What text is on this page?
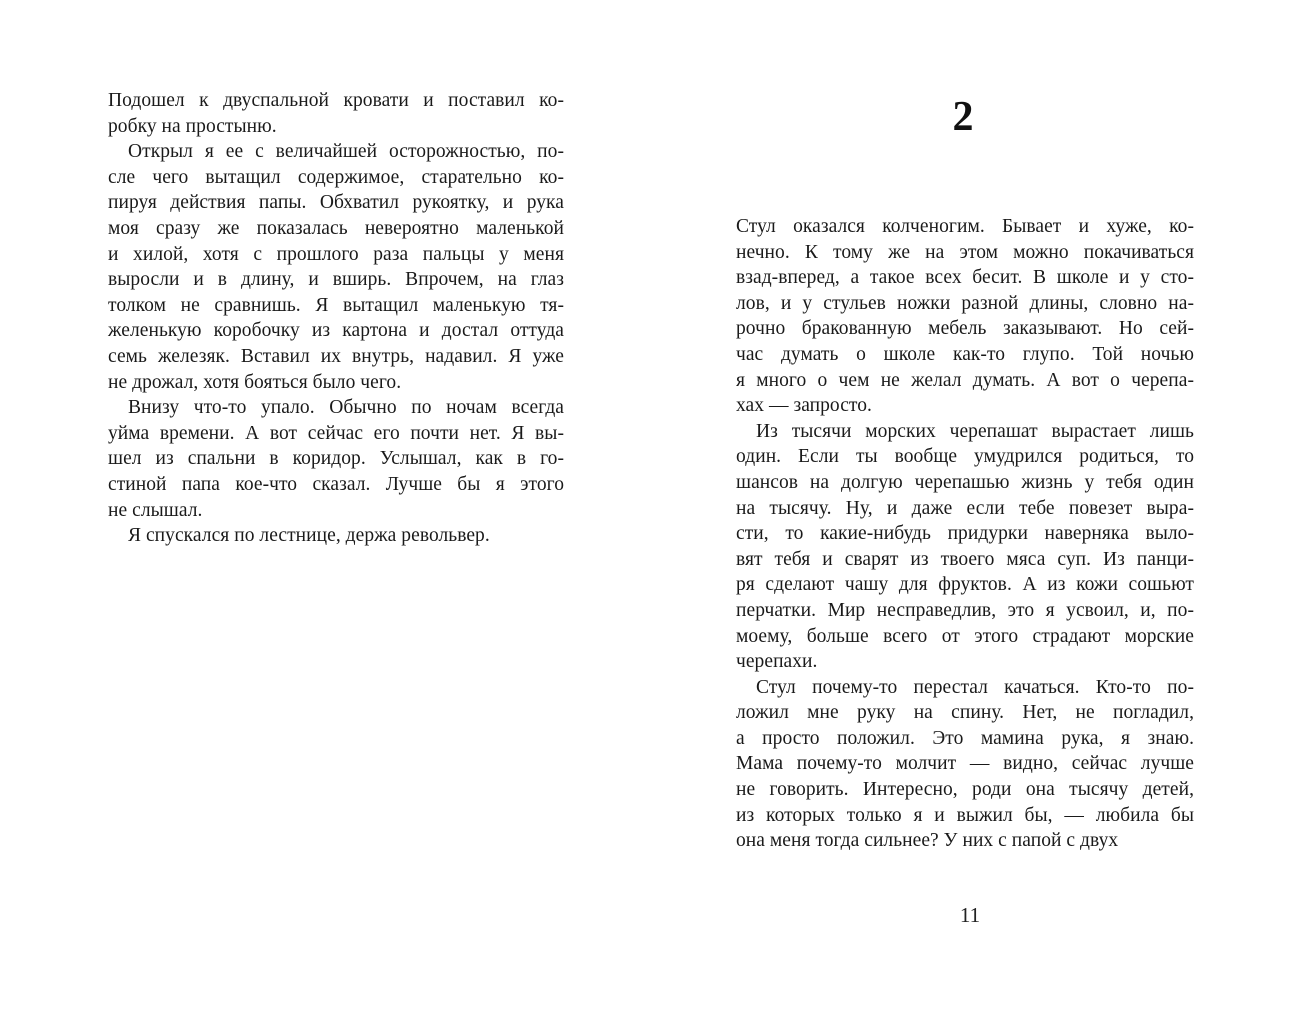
Подошел к двуспальной кровати и поставил ко-
робку на простыню.
Открыл я ее с величайшей осторожностью, по-
сле чего вытащил содержимое, старательно ко-
пируя действия папы. Обхватил рукоятку, и рука
моя сразу же показалась невероятно маленькой
и хилой, хотя с прошлого раза пальцы у меня
выросли и в длину, и вширь. Впрочем, на глаз
толком не сравнишь. Я вытащил маленькую тя-
желенькую коробочку из картона и достал оттуда
семь железяк. Вставил их внутрь, надавил. Я уже
не дрожал, хотя бояться было чего.
Внизу что-то упало. Обычно по ночам всегда
уйма времени. А вот сейчас его почти нет. Я вы-
шел из спальни в коридор. Услышал, как в го-
стиной папа кое-что сказал. Лучше бы я этого
не слышал.
Я спускался по лестнице, держа револьвер.
2
Стул оказался колченогим. Бывает и хуже, ко-
нечно. К тому же на этом можно покачиваться
взад-вперед, а такое всех бесит. В школе и у сто-
лов, и у стульев ножки разной длины, словно на-
рочно бракованную мебель заказывают. Но сей-
час думать о школе как-то глупо. Той ночью
я много о чем не желал думать. А вот о черепа-
хах — запросто.
Из тысячи морских черепашат вырастает лишь
один. Если ты вообще умудрился родиться, то
шансов на долгую черепашью жизнь у тебя один
на тысячу. Ну, и даже если тебе повезет выра-
сти, то какие-нибудь придурки наверняка выло-
вят тебя и сварят из твоего мяса суп. Из панци-
ря сделают чашу для фруктов. А из кожи сошьют
перчатки. Мир несправедлив, это я усвоил, и, по-
моему, больше всего от этого страдают морские
черепахи.
Стул почему-то перестал качаться. Кто-то по-
ложил мне руку на спину. Нет, не погладил,
а просто положил. Это мамина рука, я знаю.
Мама почему-то молчит — видно, сейчас лучше
не говорить. Интересно, роди она тысячу детей,
из которых только я и выжил бы, — любила бы
она меня тогда сильнее? У них с папой с двух
11
